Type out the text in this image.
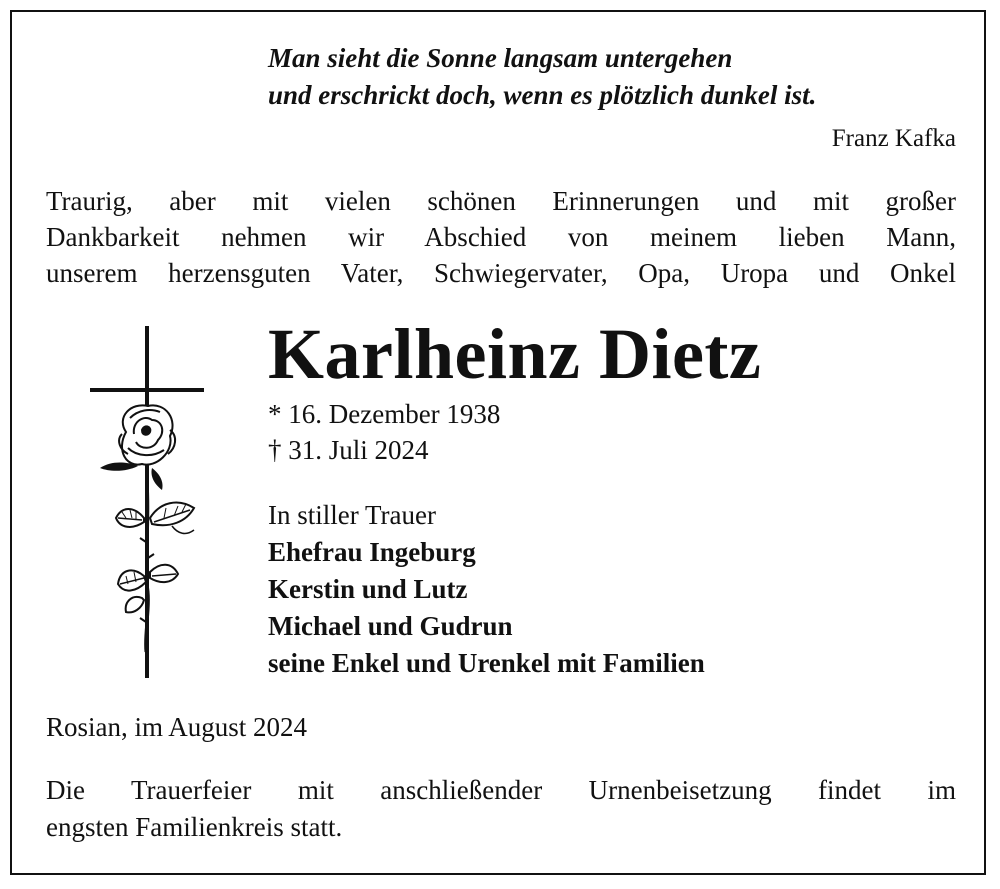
Man sieht die Sonne langsam untergehen
und erschrickt doch, wenn es plötzlich dunkel ist.
Franz Kafka
Traurig, aber mit vielen schönen Erinnerungen und mit großer
Dankbarkeit nehmen wir Abschied von meinem lieben Mann,
unserem herzensguten Vater, Schwiegervater, Opa, Uropa und Onkel
Karlheinz Dietz
* 16. Dezember 1938
† 31. Juli 2024
In stiller Trauer
Ehefrau Ingeburg
Kerstin und Lutz
Michael und Gudrun
seine Enkel und Urenkel mit Familien
Rosian, im August 2024
Die Trauerfeier mit anschließender Urnenbeisetzung findet im
engsten Familienkreis statt.
